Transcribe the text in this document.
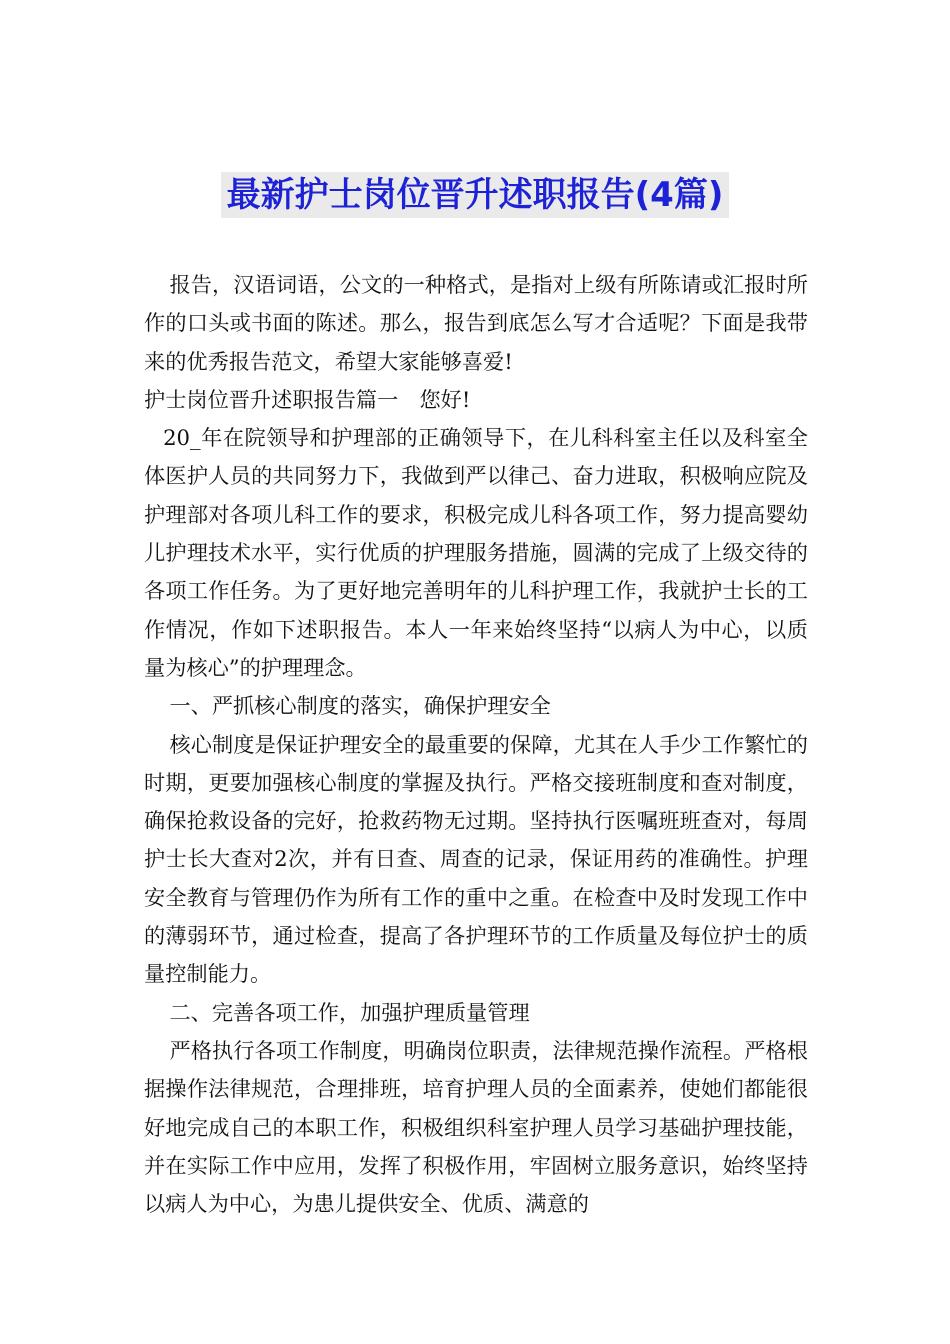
最新护士岗位晋升述职报告(4篇)

报告，汉语词语，公文的一种格式，是指对上级有所陈请或汇报时所作的口头或书面的陈述。那么，报告到底怎么写才合适呢？下面是我带来的优秀报告范文，希望大家能够喜爱!

护士岗位晋升述职报告篇一　您好!

20_年在院领导和护理部的正确领导下，在儿科科室主任以及科室全体医护人员的共同努力下，我做到严以律己、奋力进取，积极响应院及护理部对各项儿科工作的要求，积极完成儿科各项工作，努力提高婴幼儿护理技术水平，实行优质的护理服务措施，圆满的完成了上级交待的各项工作任务。为了更好地完善明年的儿科护理工作，我就护士长的工作情况，作如下述职报告。本人一年来始终坚持“以病人为中心，以质量为核心”的护理理念。

一、严抓核心制度的落实，确保护理安全

核心制度是保证护理安全的最重要的保障，尤其在人手少工作繁忙的时期，更要加强核心制度的掌握及执行。严格交接班制度和查对制度，确保抢救设备的完好，抢救药物无过期。坚持执行医嘱班班查对，每周护士长大查对2次，并有日查、周查的记录，保证用药的准确性。护理安全教育与管理仍作为所有工作的重中之重。在检查中及时发现工作中的薄弱环节，通过检查，提高了各护理环节的工作质量及每位护士的质量控制能力。

二、完善各项工作，加强护理质量管理

严格执行各项工作制度，明确岗位职责，法律规范操作流程。严格根据操作法律规范，合理排班，培育护理人员的全面素养，使她们都能很好地完成自己的本职工作，积极组织科室护理人员学习基础护理技能，并在实际工作中应用，发挥了积极作用，牢固树立服务意识，始终坚持以病人为中心，为患儿提供安全、优质、满意的
